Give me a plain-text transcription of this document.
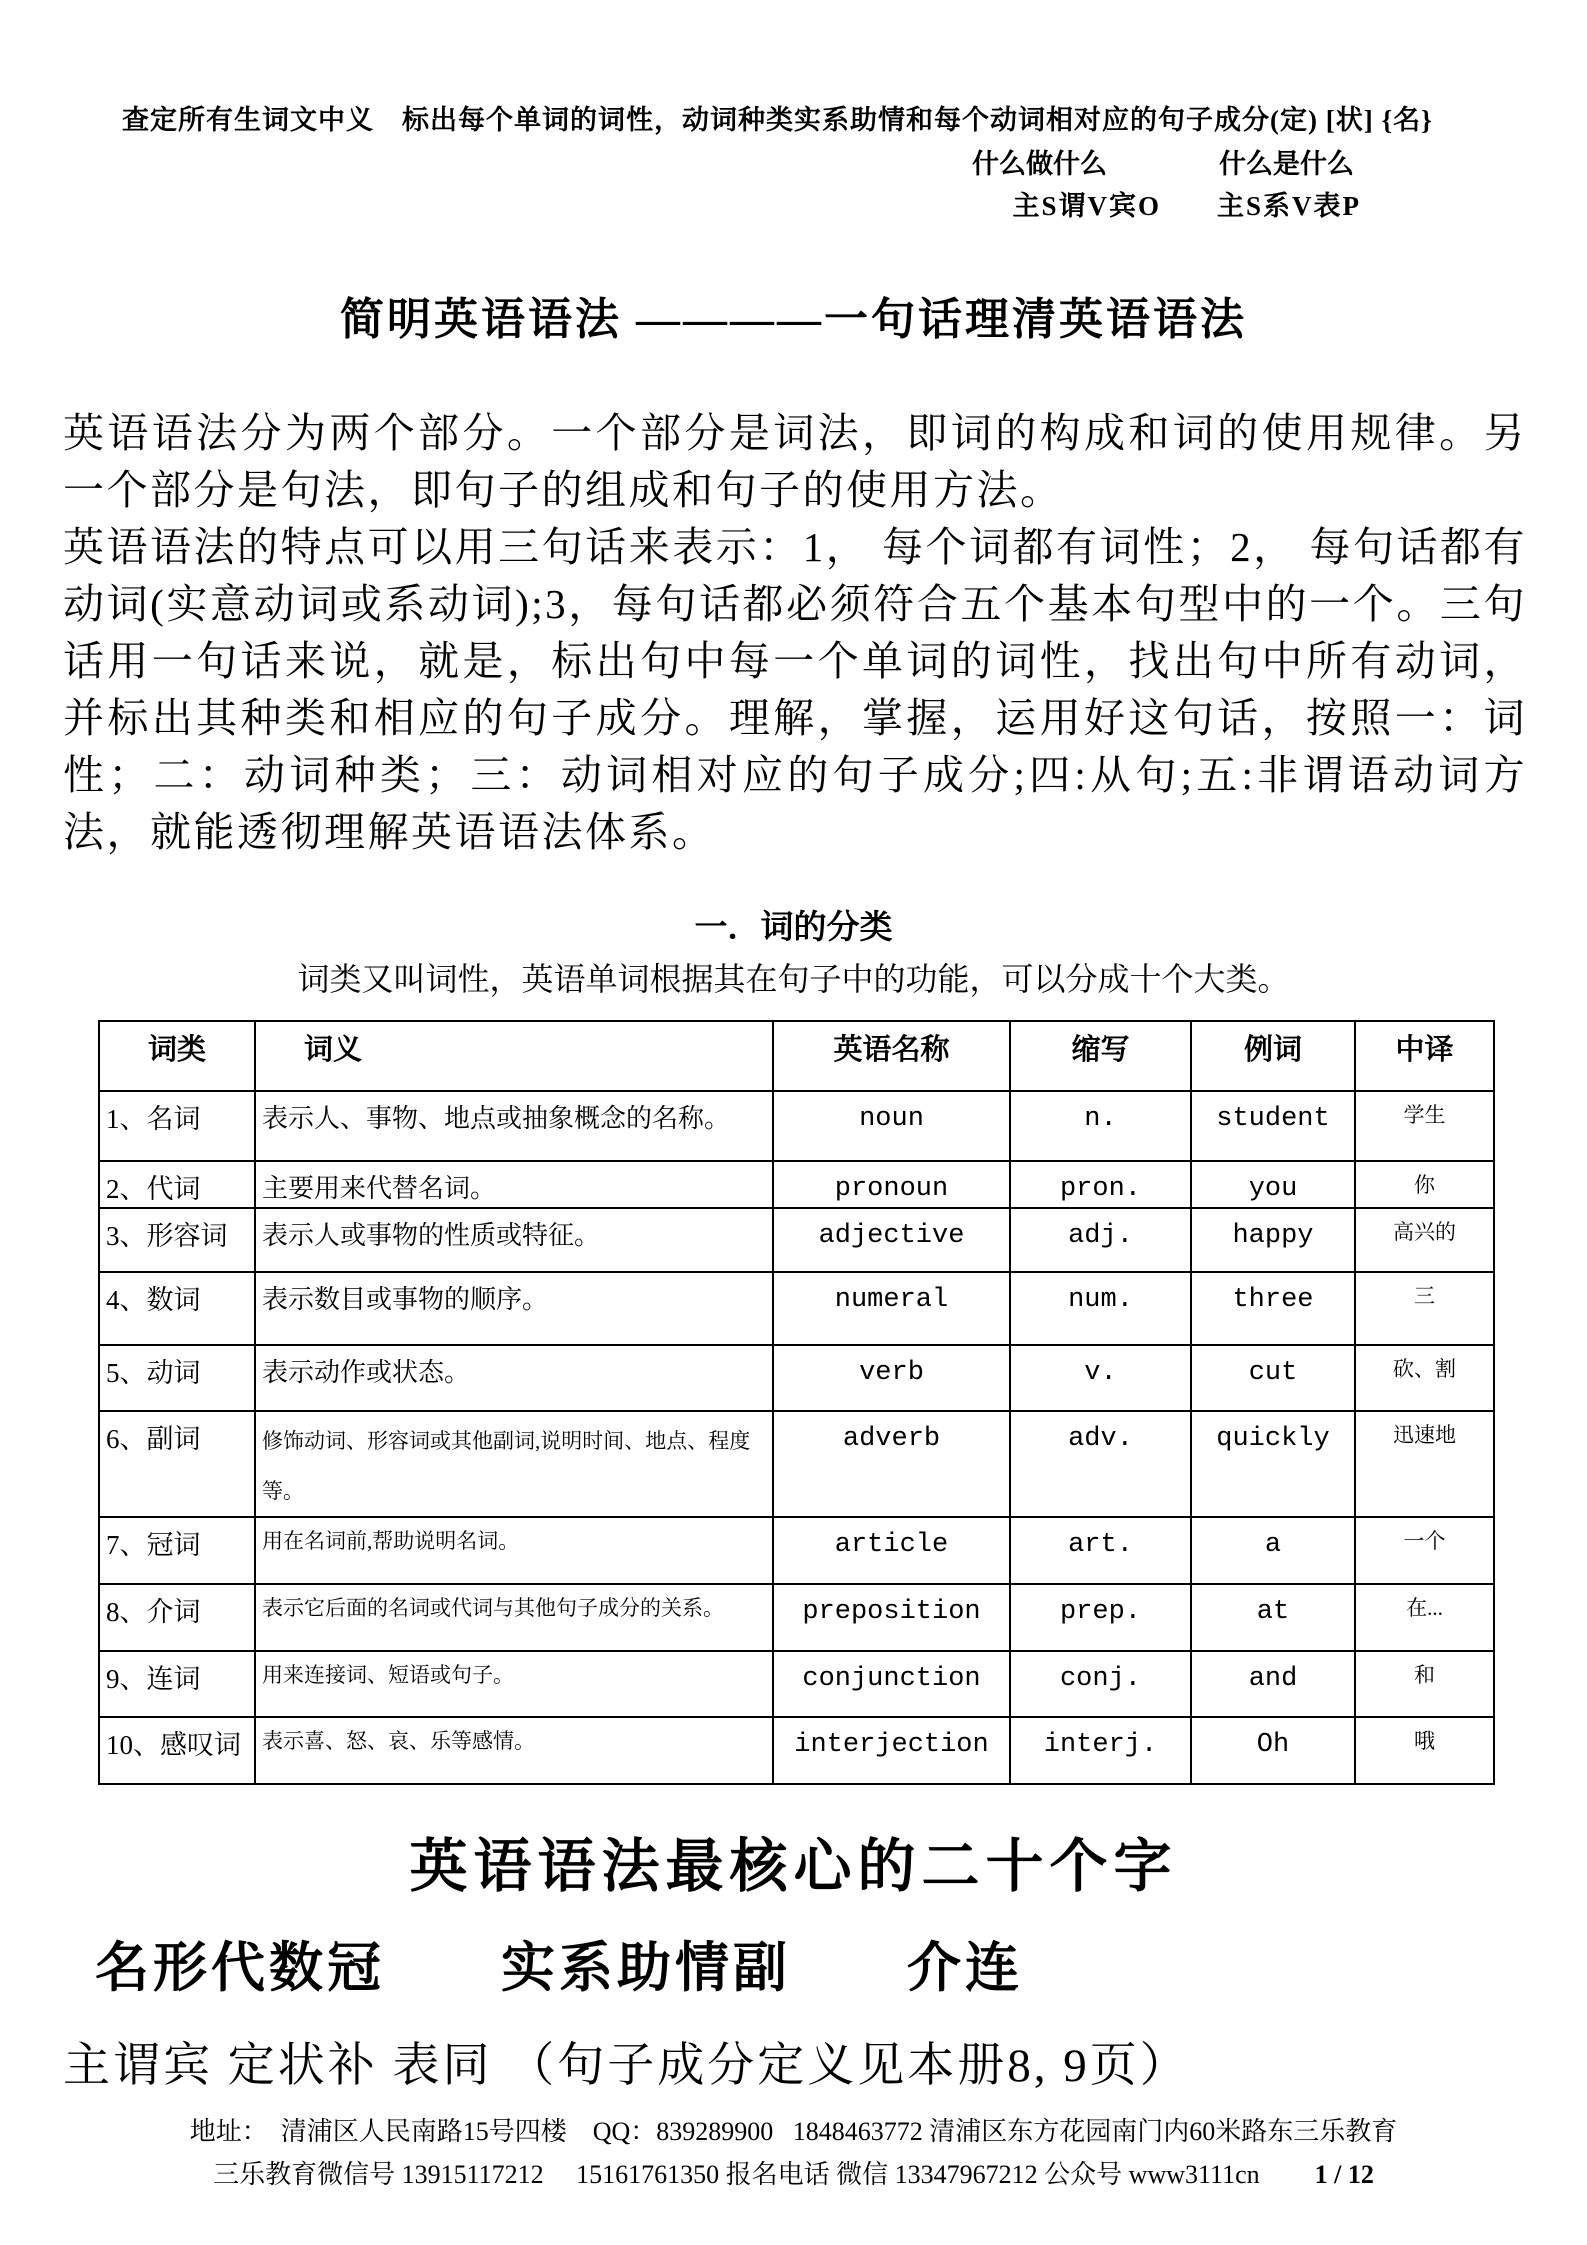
查定所有生词文中义　标出每个单词的词性，动词种类实系助情和每个动词相对应的句子成分(定) [状] {名}
什么做什么	什么是什么
主S谓V宾O 主S系V表P
简明英语语法 ————一句话理清英语语法

英语语法分为两个部分。一个部分是词法，即词的构成和词的使用规律。另一个部分是句法，即句子的组成和句子的使用方法。

英语语法的特点可以用三句话来表示：1， 每个词都有词性；2， 每句话都有动词(实意动词或系动词);3，每句话都必须符合五个基本句型中的一个。三句话用一句话来说，就是，标出句中每一个单词的词性，找出句中所有动词，并标出其种类和相应的句子成分。理解，掌握，运用好这句话，按照一：词性；二：动词种类；三：动词相对应的句子成分;四:从句;五:非谓语动词方法，就能透彻理解英语语法体系。

一．词的分类
词类又叫词性，英语单词根据其在句子中的功能，可以分成十个大类。
词类	词义	英语名称	缩写	例词	中译
1、名词	表示人、事物、地点或抽象概念的名称。	noun	n.	student	学生
2、代词	主要用来代替名词。	pronoun	pron.	you	你
3、形容词	表示人或事物的性质或特征。	adjective	adj.	happy	高兴的
4、数词	表示数目或事物的顺序。	numeral	num.	three	三
5、动词	表示动作或状态。	verb	v.	cut	砍、割
6、副词	修饰动词、形容词或其他副词,说明时间、地点、程度等。	adverb	adv.	quickly	迅速地
7、冠词	用在名词前,帮助说明名词。	article	art.	a	一个
8、介词	表示它后面的名词或代词与其他句子成分的关系。	preposition	prep.	at	在...
9、连词	用来连接词、短语或句子。	conjunction	conj.	and	和
10、感叹词	表示喜、怒、哀、乐等感情。	interjection	interj.	Oh	哦
英语语法最核心的二十个字
名形代数冠　　实系助情副　　介连
主谓宾 定状补 表同 （句子成分定义见本册8, 9页）
地址：  清浦区人民南路15号四楼    QQ：839289900   1848463772 清浦区东方花园南门内60米路东三乐教育
三乐教育微信号 13915117212     15161761350 报名电话 微信 13347967212 公众号 www3111cn 1 / 12
